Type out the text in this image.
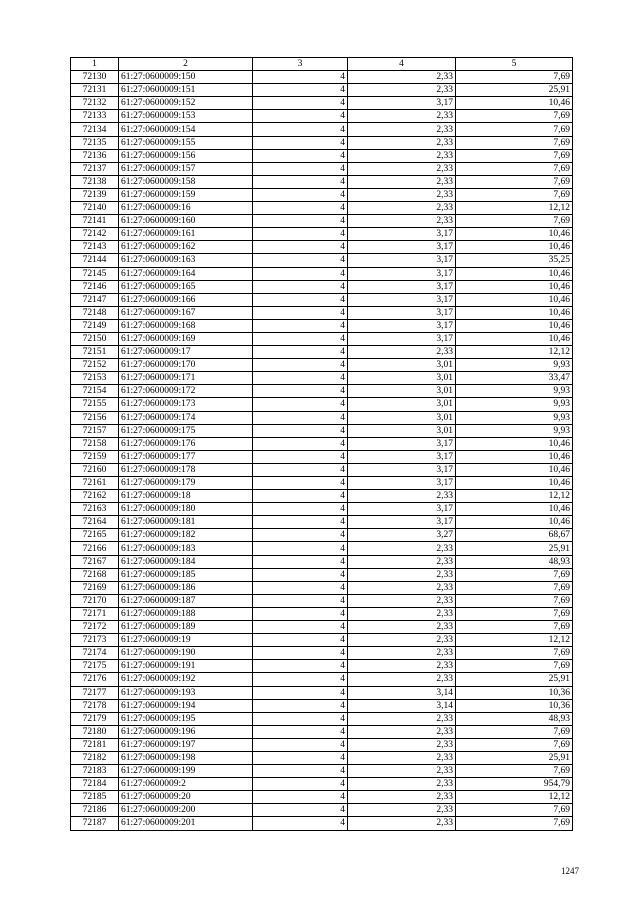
1	2	3	4	5
72130	61:27:0600009:150	4	2,33	7,69
72131	61:27:0600009:151	4	2,33	25,91
72132	61:27:0600009:152	4	3,17	10,46
72133	61:27:0600009:153	4	2,33	7,69
72134	61:27:0600009:154	4	2,33	7,69
72135	61:27:0600009:155	4	2,33	7,69
72136	61:27:0600009:156	4	2,33	7,69
72137	61:27:0600009:157	4	2,33	7,69
72138	61:27:0600009:158	4	2,33	7,69
72139	61:27:0600009:159	4	2,33	7,69
72140	61:27:0600009:16	4	2,33	12,12
72141	61:27:0600009:160	4	2,33	7,69
72142	61:27:0600009:161	4	3,17	10,46
72143	61:27:0600009:162	4	3,17	10,46
72144	61:27:0600009:163	4	3,17	35,25
72145	61:27:0600009:164	4	3,17	10,46
72146	61:27:0600009:165	4	3,17	10,46
72147	61:27:0600009:166	4	3,17	10,46
72148	61:27:0600009:167	4	3,17	10,46
72149	61:27:0600009:168	4	3,17	10,46
72150	61:27:0600009:169	4	3,17	10,46
72151	61:27:0600009:17	4	2,33	12,12
72152	61:27:0600009:170	4	3,01	9,93
72153	61:27:0600009:171	4	3,01	33,47
72154	61:27:0600009:172	4	3,01	9,93
72155	61:27:0600009:173	4	3,01	9,93
72156	61:27:0600009:174	4	3,01	9,93
72157	61:27:0600009:175	4	3,01	9,93
72158	61:27:0600009:176	4	3,17	10,46
72159	61:27:0600009:177	4	3,17	10,46
72160	61:27:0600009:178	4	3,17	10,46
72161	61:27:0600009:179	4	3,17	10,46
72162	61:27:0600009:18	4	2,33	12,12
72163	61:27:0600009:180	4	3,17	10,46
72164	61:27:0600009:181	4	3,17	10,46
72165	61:27:0600009:182	4	3,27	68,67
72166	61:27:0600009:183	4	2,33	25,91
72167	61:27:0600009:184	4	2,33	48,93
72168	61:27:0600009:185	4	2,33	7,69
72169	61:27:0600009:186	4	2,33	7,69
72170	61:27:0600009:187	4	2,33	7,69
72171	61:27:0600009:188	4	2,33	7,69
72172	61:27:0600009:189	4	2,33	7,69
72173	61:27:0600009:19	4	2,33	12,12
72174	61:27:0600009:190	4	2,33	7,69
72175	61:27:0600009:191	4	2,33	7,69
72176	61:27:0600009:192	4	2,33	25,91
72177	61:27:0600009:193	4	3,14	10,36
72178	61:27:0600009:194	4	3,14	10,36
72179	61:27:0600009:195	4	2,33	48,93
72180	61:27:0600009:196	4	2,33	7,69
72181	61:27:0600009:197	4	2,33	7,69
72182	61:27:0600009:198	4	2,33	25,91
72183	61:27:0600009:199	4	2,33	7,69
72184	61:27:0600009:2	4	2,33	954,79
72185	61:27:0600009:20	4	2,33	12,12
72186	61:27:0600009:200	4	2,33	7,69
72187	61:27:0600009:201	4	2,33	7,69
1247
